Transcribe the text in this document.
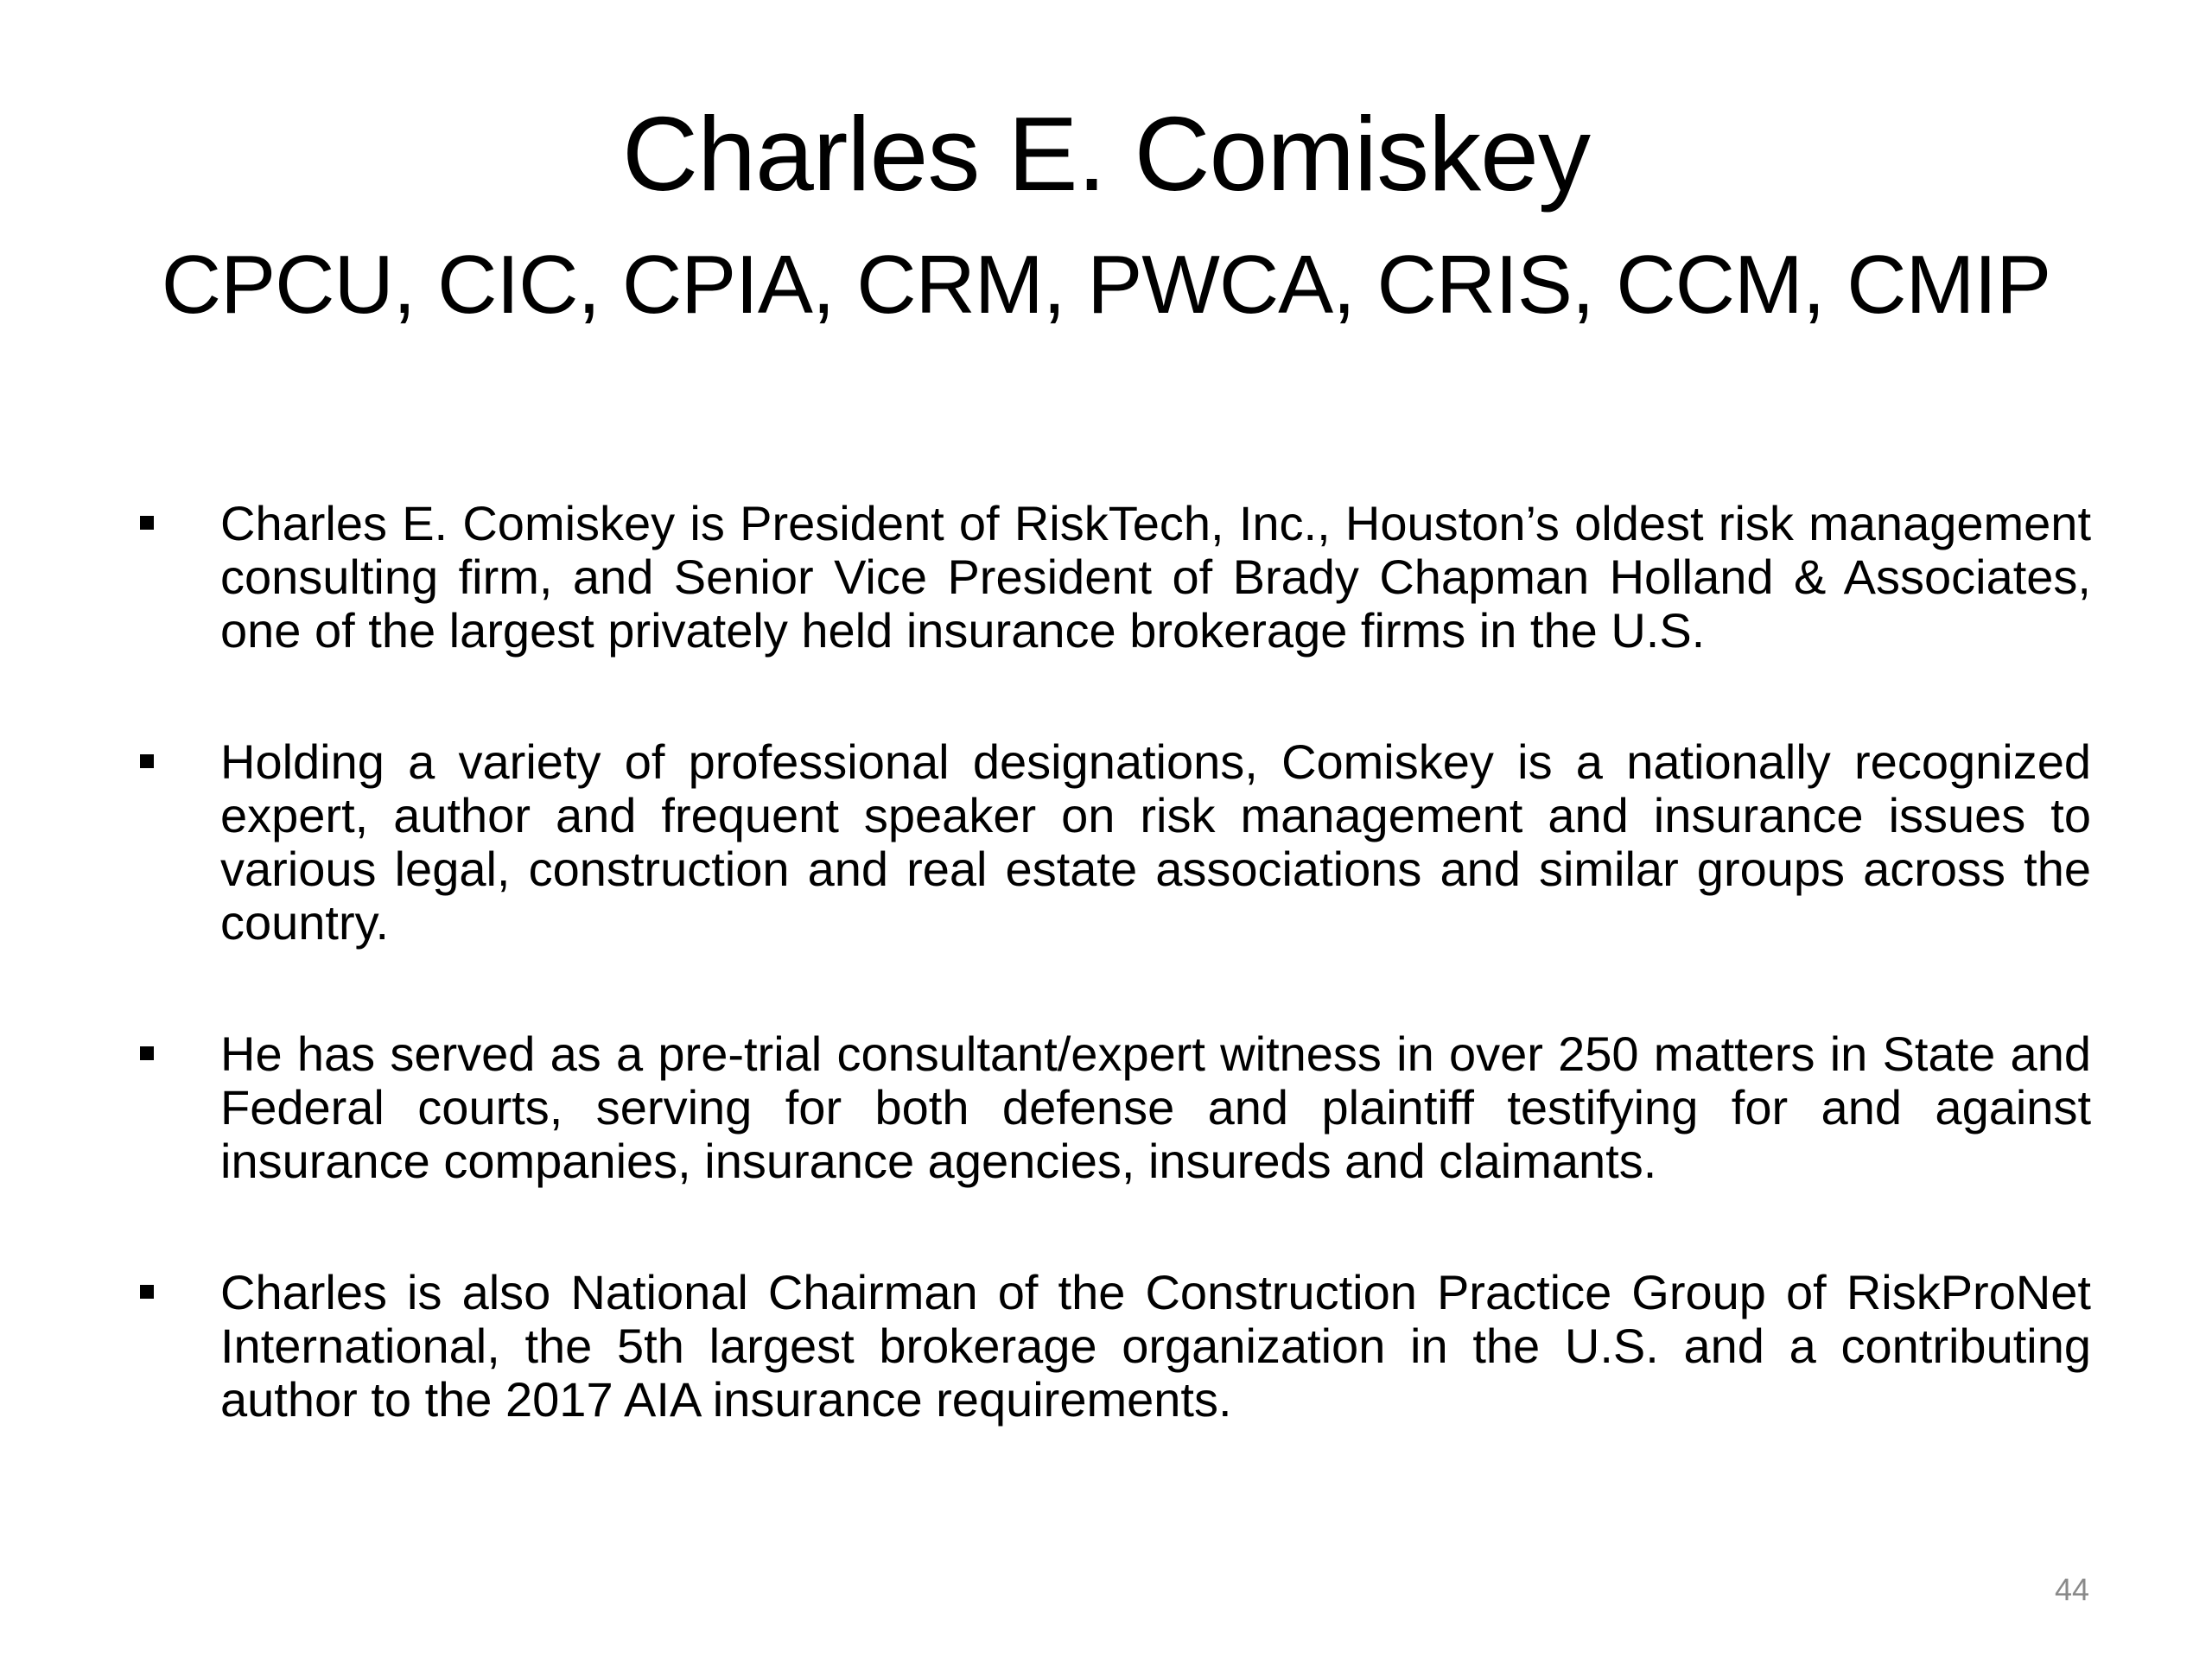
Charles E. Comiskey
CPCU, CIC, CPIA, CRM, PWCA, CRIS, CCM, CMIP
Charles E. Comiskey is President of RiskTech, Inc., Houston’s oldest risk management consulting firm, and Senior Vice President of Brady Chapman Holland & Associates, one of the largest privately held insurance brokerage firms in the U.S.
Holding a variety of professional designations, Comiskey is a nationally recognized expert, author and frequent speaker on risk management and insurance issues to various legal, construction and real estate associations and similar groups across the country.
He has served as a pre-trial consultant/expert witness in over 250 matters in State and Federal courts, serving for both defense and plaintiff testifying for and against insurance companies, insurance agencies, insureds and claimants.
Charles is also National Chairman of the Construction Practice Group of RiskProNet International, the 5th largest brokerage organization in the U.S. and a contributing author to the 2017 AIA insurance requirements.
44
